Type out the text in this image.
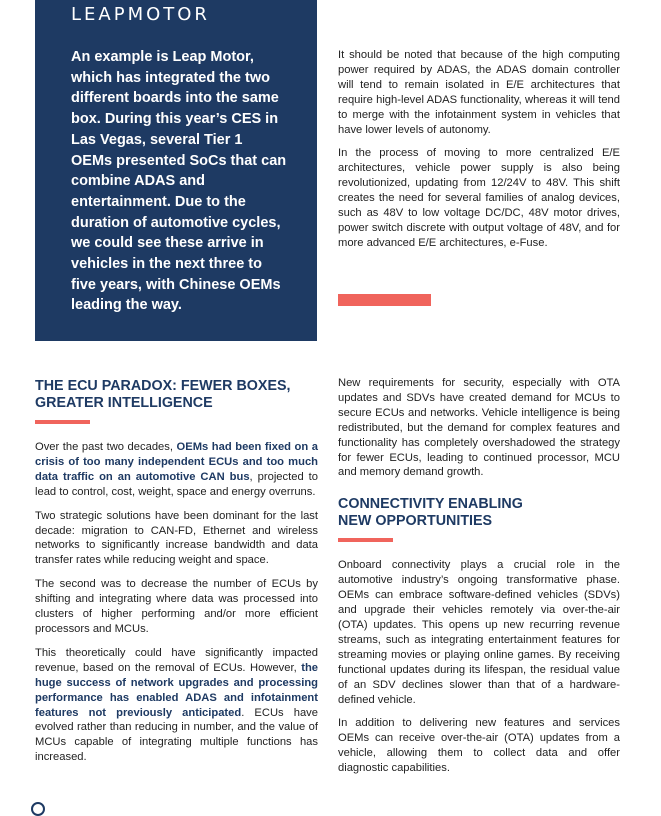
LEAPMOTOR

An example is Leap Motor, which has integrated the two different boards into the same box. During this year’s CES in Las Vegas, several Tier 1 OEMs presented SoCs that can combine ADAS and entertainment. Due to the duration of automotive cycles, we could see these arrive in vehicles in the next three to five years, with Chinese OEMs leading the way.

It should be noted that because of the high computing power required by ADAS, the ADAS domain controller will tend to remain isolated in E/E architectures that require high-level ADAS functionality, whereas it will tend to merge with the infotainment system in vehicles that have lower levels of autonomy.

In the process of moving to more centralized E/E architectures, vehicle power supply is also being revolutionized, updating from 12/24V to 48V. This shift creates the need for several families of analog devices, such as 48V to low voltage DC/DC, 48V motor drives, power switch discrete with output voltage of 48V, and for more advanced E/E architectures, e-Fuse.

THE ECU PARADOX: FEWER BOXES, GREATER INTELLIGENCE

Over the past two decades, OEMs had been fixed on a crisis of too many independent ECUs and too much data traffic on an automotive CAN bus, projected to lead to control, cost, weight, space and energy overruns.

Two strategic solutions have been dominant for the last decade: migration to CAN-FD, Ethernet and wireless networks to significantly increase bandwidth and data transfer rates while reducing weight and space.

The second was to decrease the number of ECUs by shifting and integrating where data was processed into clusters of higher performing and/or more efficient processors and MCUs.

This theoretically could have significantly impacted revenue, based on the removal of ECUs. However, the huge success of network upgrades and processing performance has enabled ADAS and infotainment features not previously anticipated. ECUs have evolved rather than reducing in number, and the value of MCUs capable of integrating multiple functions has increased.

New requirements for security, especially with OTA updates and SDVs have created demand for MCUs to secure ECUs and networks. Vehicle intelligence is being redistributed, but the demand for complex features and functionality has completely overshadowed the strategy for fewer ECUs, leading to continued processor, MCU and memory demand growth.

CONNECTIVITY ENABLING NEW OPPORTUNITIES

Onboard connectivity plays a crucial role in the automotive industry’s ongoing transformative phase. OEMs can embrace software-defined vehicles (SDVs) and upgrade their vehicles remotely via over-the-air (OTA) updates. This opens up new recurring revenue streams, such as integrating entertainment features for streaming movies or playing online games. By receiving functional updates during its lifespan, the residual value of an SDV declines slower than that of a hardware-defined vehicle.

In addition to delivering new features and services OEMs can receive over-the-air (OTA) updates from a vehicle, allowing them to collect data and offer diagnostic capabilities.
